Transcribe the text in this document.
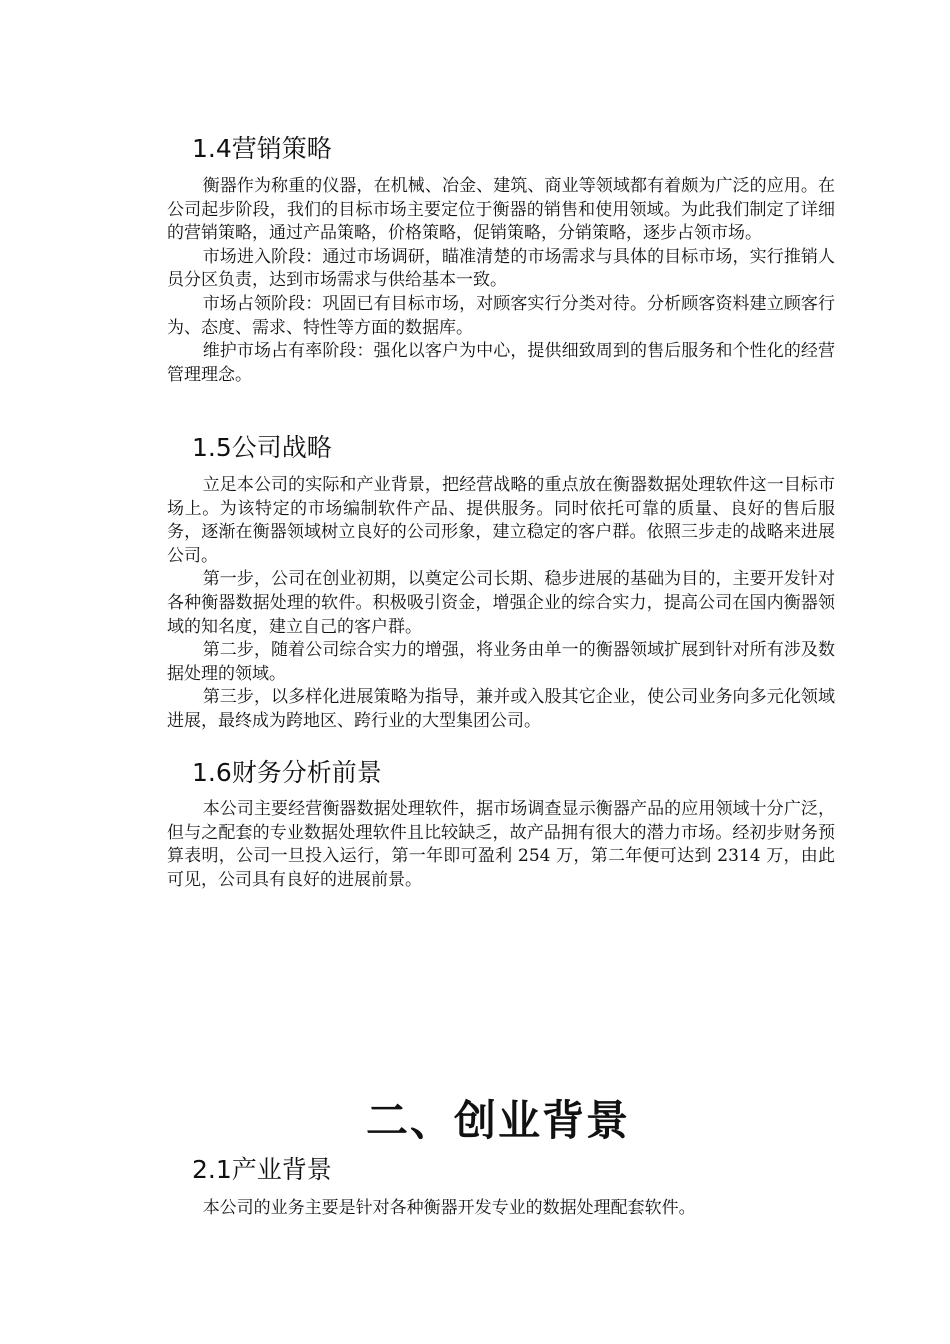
1.4营销策略

衡器作为称重的仪器，在机械、冶金、建筑、商业等领域都有着颇为广泛的应用。在公司起步阶段，我们的目标市场主要定位于衡器的销售和使用领域。为此我们制定了详细的营销策略，通过产品策略，价格策略，促销策略，分销策略，逐步占领市场。

市场进入阶段：通过市场调研，瞄准清楚的市场需求与具体的目标市场，实行推销人员分区负责，达到市场需求与供给基本一致。

市场占领阶段：巩固已有目标市场，对顾客实行分类对待。分析顾客资料建立顾客行为、态度、需求、特性等方面的数据库。

维护市场占有率阶段：强化以客户为中心，提供细致周到的售后服务和个性化的经营管理理念。

1.5公司战略

立足本公司的实际和产业背景，把经营战略的重点放在衡器数据处理软件这一目标市场上。为该特定的市场编制软件产品、提供服务。同时依托可靠的质量、良好的售后服务，逐渐在衡器领域树立良好的公司形象，建立稳定的客户群。依照三步走的战略来进展公司。

第一步，公司在创业初期，以奠定公司长期、稳步进展的基础为目的，主要开发针对各种衡器数据处理的软件。积极吸引资金，增强企业的综合实力，提高公司在国内衡器领域的知名度，建立自己的客户群。

第二步，随着公司综合实力的增强，将业务由单一的衡器领域扩展到针对所有涉及数据处理的领域。

第三步，以多样化进展策略为指导，兼并或入股其它企业，使公司业务向多元化领域进展，最终成为跨地区、跨行业的大型集团公司。

1.6财务分析前景

本公司主要经营衡器数据处理软件，据市场调查显示衡器产品的应用领域十分广泛，但与之配套的专业数据处理软件且比较缺乏，故产品拥有很大的潜力市场。经初步财务预算表明，公司一旦投入运行，第一年即可盈利 254 万，第二年便可达到 2314 万，由此可见，公司具有良好的进展前景。

二、创业背景
2.1产业背景

本公司的业务主要是针对各种衡器开发专业的数据处理配套软件。
